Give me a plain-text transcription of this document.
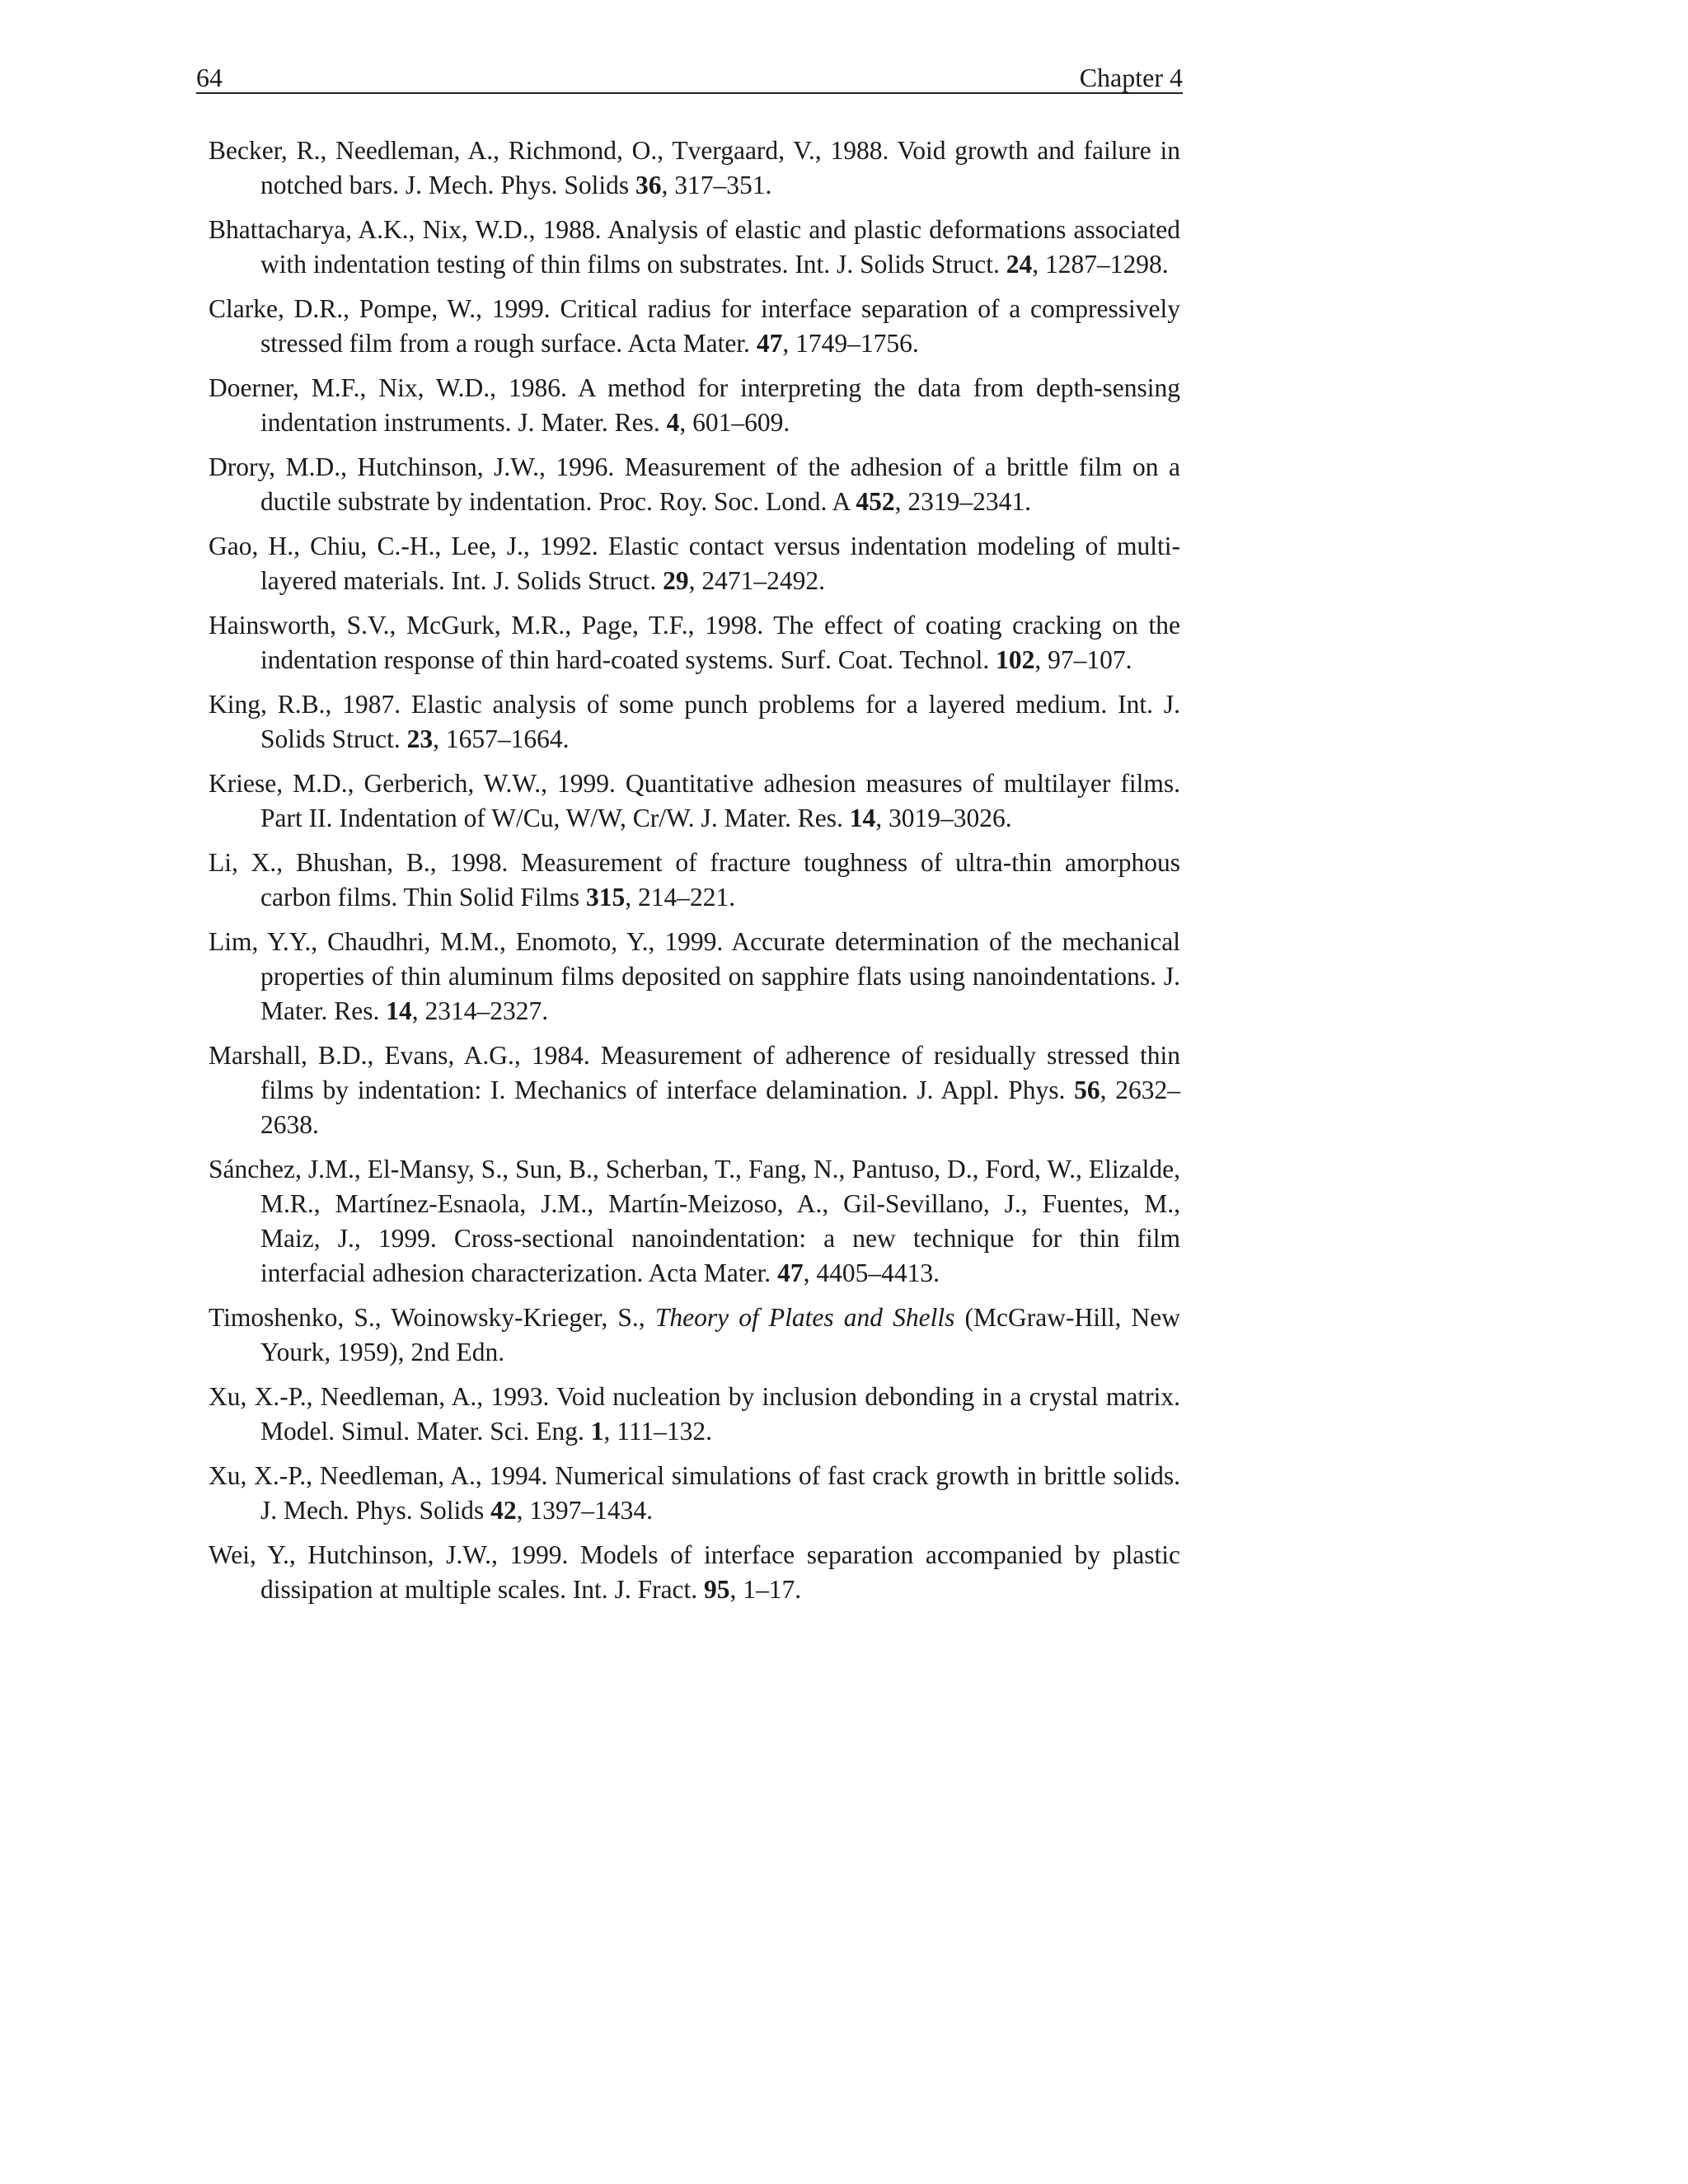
64	Chapter 4
Becker, R., Needleman, A., Richmond, O., Tvergaard, V., 1988. Void growth and failure in notched bars. J. Mech. Phys. Solids 36, 317–351.
Bhattacharya, A.K., Nix, W.D., 1988. Analysis of elastic and plastic deformations associated with indentation testing of thin films on substrates. Int. J. Solids Struct. 24, 1287–1298.
Clarke, D.R., Pompe, W., 1999. Critical radius for interface separation of a compressively stressed film from a rough surface. Acta Mater. 47, 1749–1756.
Doerner, M.F., Nix, W.D., 1986. A method for interpreting the data from depth-sensing indentation instruments. J. Mater. Res. 4, 601–609.
Drory, M.D., Hutchinson, J.W., 1996. Measurement of the adhesion of a brittle film on a ductile substrate by indentation. Proc. Roy. Soc. Lond. A 452, 2319–2341.
Gao, H., Chiu, C.-H., Lee, J., 1992. Elastic contact versus indentation modeling of multilayered materials. Int. J. Solids Struct. 29, 2471–2492.
Hainsworth, S.V., McGurk, M.R., Page, T.F., 1998. The effect of coating cracking on the indentation response of thin hard-coated systems. Surf. Coat. Technol. 102, 97–107.
King, R.B., 1987. Elastic analysis of some punch problems for a layered medium. Int. J. Solids Struct. 23, 1657–1664.
Kriese, M.D., Gerberich, W.W., 1999. Quantitative adhesion measures of multilayer films. Part II. Indentation of W/Cu, W/W, Cr/W. J. Mater. Res. 14, 3019–3026.
Li, X., Bhushan, B., 1998. Measurement of fracture toughness of ultra-thin amorphous carbon films. Thin Solid Films 315, 214–221.
Lim, Y.Y., Chaudhri, M.M., Enomoto, Y., 1999. Accurate determination of the mechanical properties of thin aluminum films deposited on sapphire flats using nanoindentations. J. Mater. Res. 14, 2314–2327.
Marshall, B.D., Evans, A.G., 1984. Measurement of adherence of residually stressed thin films by indentation: I. Mechanics of interface delamination. J. Appl. Phys. 56, 2632–2638.
Sánchez, J.M., El-Mansy, S., Sun, B., Scherban, T., Fang, N., Pantuso, D., Ford, W., Elizalde, M.R., Martínez-Esnaola, J.M., Martín-Meizoso, A., Gil-Sevillano, J., Fuentes, M., Maiz, J., 1999. Cross-sectional nanoindentation: a new technique for thin film interfacial adhesion characterization. Acta Mater. 47, 4405–4413.
Timoshenko, S., Woinowsky-Krieger, S., Theory of Plates and Shells (McGraw-Hill, New Yourk, 1959), 2nd Edn.
Xu, X.-P., Needleman, A., 1993. Void nucleation by inclusion debonding in a crystal matrix. Model. Simul. Mater. Sci. Eng. 1, 111–132.
Xu, X.-P., Needleman, A., 1994. Numerical simulations of fast crack growth in brittle solids. J. Mech. Phys. Solids 42, 1397–1434.
Wei, Y., Hutchinson, J.W., 1999. Models of interface separation accompanied by plastic dissipation at multiple scales. Int. J. Fract. 95, 1–17.
